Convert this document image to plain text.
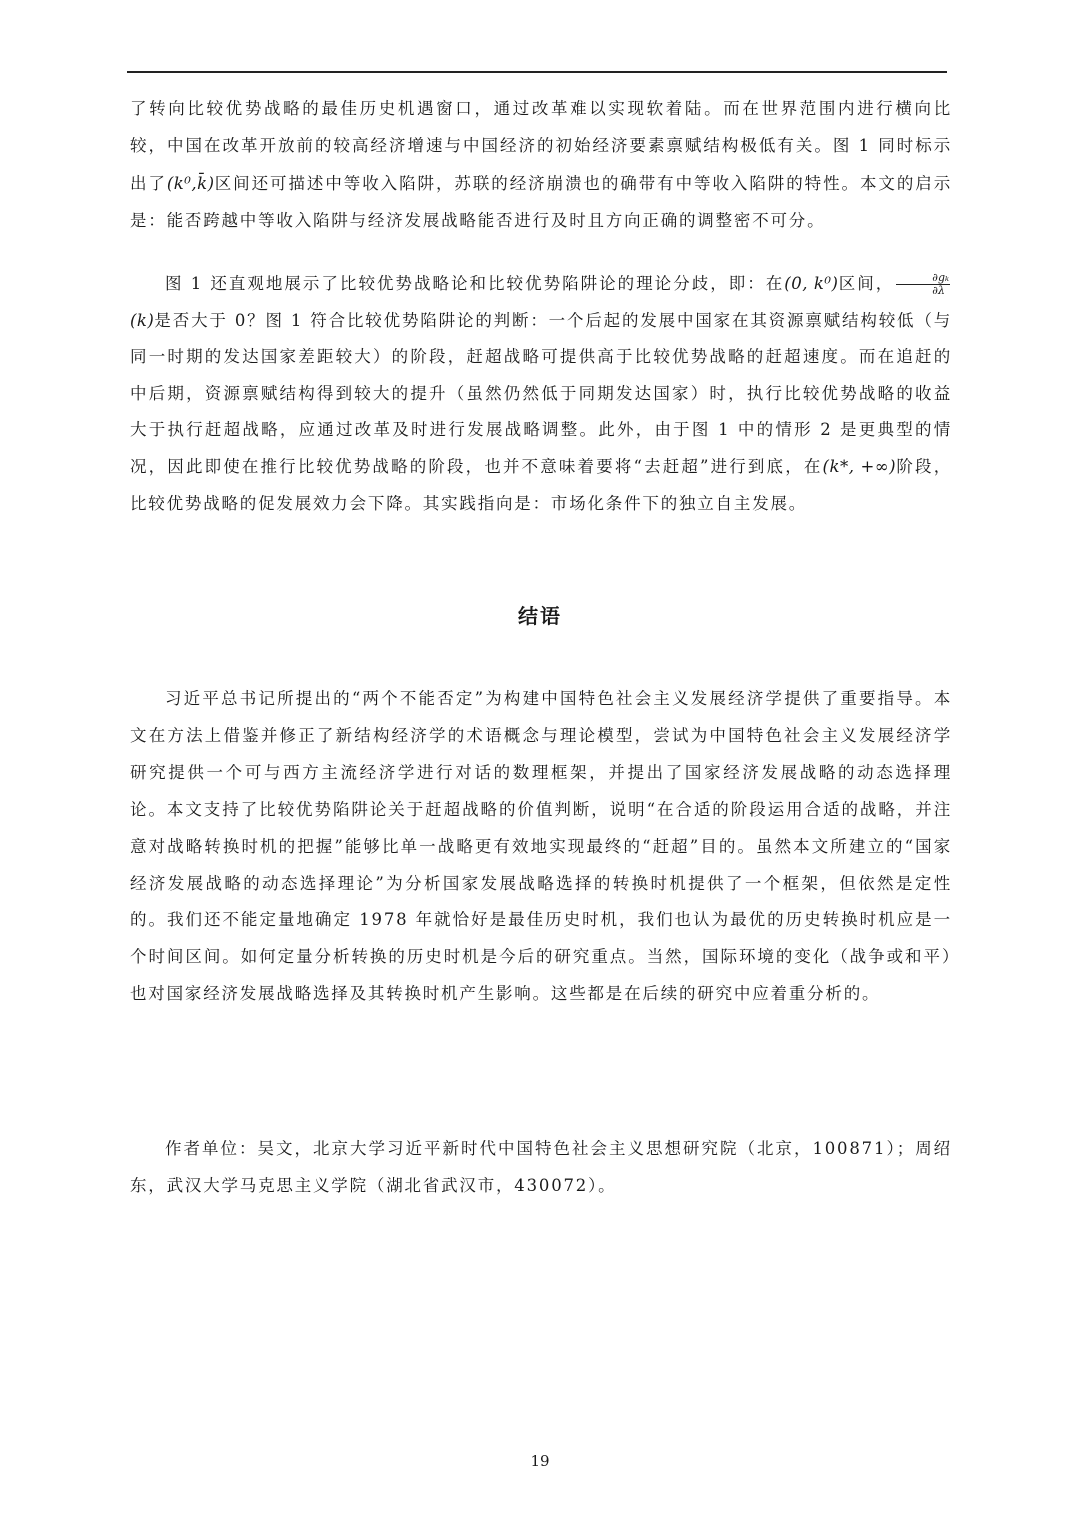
了转向比较优势战略的最佳历史机遇窗口，通过改革难以实现软着陆。而在世界范围内进行横向比较，中国在改革开放前的较高经济增速与中国经济的初始经济要素禀赋结构极低有关。图 1 同时标示出了(k⁰,k̄)区间还可描述中等收入陷阱，苏联的经济崩溃也的确带有中等收入陷阱的特性。本文的启示是：能否跨越中等收入陷阱与经济发展战略能否进行及时且方向正确的调整密不可分。

图 1 还直观地展示了比较优势战略论和比较优势陷阱论的理论分歧，即：在(0, k⁰)区间， $\frac{\text{∂gₖ}}{\partial\lambda}$
(k)是否大于 0？图 1 符合比较优势陷阱论的判断：一个后起的发展中国家在其资源禀赋结构较低（与同一时期的发达国家差距较大）的阶段，赶超战略可提供高于比较优势战略的赶超速度。而在追赶的中后期，资源禀赋结构得到较大的提升（虽然仍然低于同期发达国家）时，执行比较优势战略的收益大于执行赶超战略，应通过改革及时进行发展战略调整。此外，由于图 1 中的情形 2 是更典型的情况，因此即使在推行比较优势战略的阶段，也并不意味着要将“去赶超”进行到底，在(k*, +∞)阶段，比较优势战略的促发展效力会下降。其实践指向是：市场化条件下的独立自主发展。

结语

习近平总书记所提出的“两个不能否定”为构建中国特色社会主义发展经济学提供了重要指导。本文在方法上借鉴并修正了新结构经济学的术语概念与理论模型，尝试为中国特色社会主义发展经济学研究提供一个可与西方主流经济学进行对话的数理框架，并提出了国家经济发展战略的动态选择理论。本文支持了比较优势陷阱论关于赶超战略的价值判断，说明“在合适的阶段运用合适的战略，并注意对战略转换时机的把握”能够比单一战略更有效地实现最终的“赶超”目的。虽然本文所建立的“国家经济发展战略的动态选择理论”为分析国家发展战略选择的转换时机提供了一个框架，但依然是定性的。我们还不能定量地确定 1978 年就恰好是最佳历史时机，我们也认为最优的历史转换时机应是一个时间区间。如何定量分析转换的历史时机是今后的研究重点。当然，国际环境的变化（战争或和平）也对国家经济发展战略选择及其转换时机产生影响。这些都是在后续的研究中应着重分析的。

作者单位：吴文，北京大学习近平新时代中国特色社会主义思想研究院（北京，100871）；周绍东，武汉大学马克思主义学院（湖北省武汉市，430072）。

19
